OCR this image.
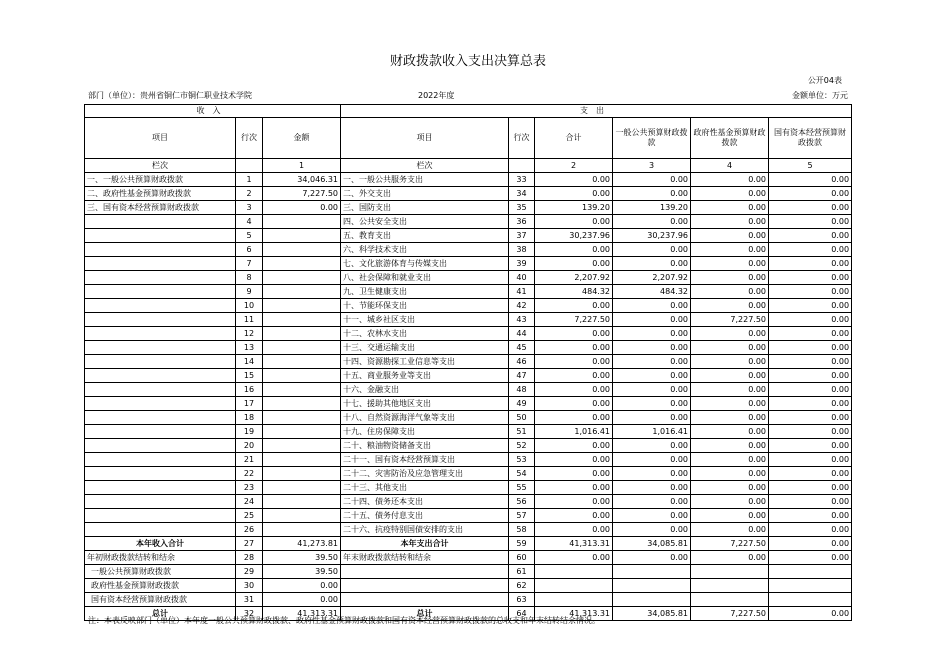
财政拨款收入支出决算总表
公开04表
部门（单位）：贵州省铜仁市铜仁职业技术学院	2022年度	金额单位：万元
收入			支出					
项目	行次	金额	项目	行次	合计	一般公共预算财政拨款	政府性基金预算财政拨款	国有资本经营预算财政拨款
栏次		1	栏次		2	3	4	5
一、一般公共预算财政拨款	1	34,046.31	一、一般公共服务支出	33	0.00	0.00	0.00	0.00
二、政府性基金预算财政拨款	2	7,227.50	二、外交支出	34	0.00	0.00	0.00	0.00
三、国有资本经营预算财政拨款	3	0.00	三、国防支出	35	139.20	139.20	0.00	0.00
	4		四、公共安全支出	36	0.00	0.00	0.00	0.00
	5		五、教育支出	37	30,237.96	30,237.96	0.00	0.00
	6		六、科学技术支出	38	0.00	0.00	0.00	0.00
	7		七、文化旅游体育与传媒支出	39	0.00	0.00	0.00	0.00
	8		八、社会保障和就业支出	40	2,207.92	2,207.92	0.00	0.00
	9		九、卫生健康支出	41	484.32	484.32	0.00	0.00
	10		十、节能环保支出	42	0.00	0.00	0.00	0.00
	11		十一、城乡社区支出	43	7,227.50	0.00	7,227.50	0.00
	12		十二、农林水支出	44	0.00	0.00	0.00	0.00
	13		十三、交通运输支出	45	0.00	0.00	0.00	0.00
	14		十四、资源勘探工业信息等支出	46	0.00	0.00	0.00	0.00
	15		十五、商业服务业等支出	47	0.00	0.00	0.00	0.00
	16		十六、金融支出	48	0.00	0.00	0.00	0.00
	17		十七、援助其他地区支出	49	0.00	0.00	0.00	0.00
	18		十八、自然资源海洋气象等支出	50	0.00	0.00	0.00	0.00
	19		十九、住房保障支出	51	1,016.41	1,016.41	0.00	0.00
	20		二十、粮油物资储备支出	52	0.00	0.00	0.00	0.00
	21		二十一、国有资本经营预算支出	53	0.00	0.00	0.00	0.00
	22		二十二、灾害防治及应急管理支出	54	0.00	0.00	0.00	0.00
	23		二十三、其他支出	55	0.00	0.00	0.00	0.00
	24		二十四、债务还本支出	56	0.00	0.00	0.00	0.00
	25		二十五、债务付息支出	57	0.00	0.00	0.00	0.00
	26		二十六、抗疫特别国债安排的支出	58	0.00	0.00	0.00	0.00
本年收入合计	27	41,273.81	本年支出合计	59	41,313.31	34,085.81	7,227.50	0.00
年初财政拨款结转和结余	28	39.50	年末财政拨款结转和结余	60	0.00	0.00	0.00	0.00
一般公共预算财政拨款	29	39.50		61				
政府性基金预算财政拨款	30	0.00		62				
国有资本经营预算财政拨款	31	0.00		63				
总计	32	41,313.31	总计	64	41,313.31	34,085.81	7,227.50	0.00
注：本表反映部门（单位）本年度一般公共预算财政拨款、政府性基金预算财政拨款和国有资本经营预算财政拨款的总收支和年末结转结余情况。
